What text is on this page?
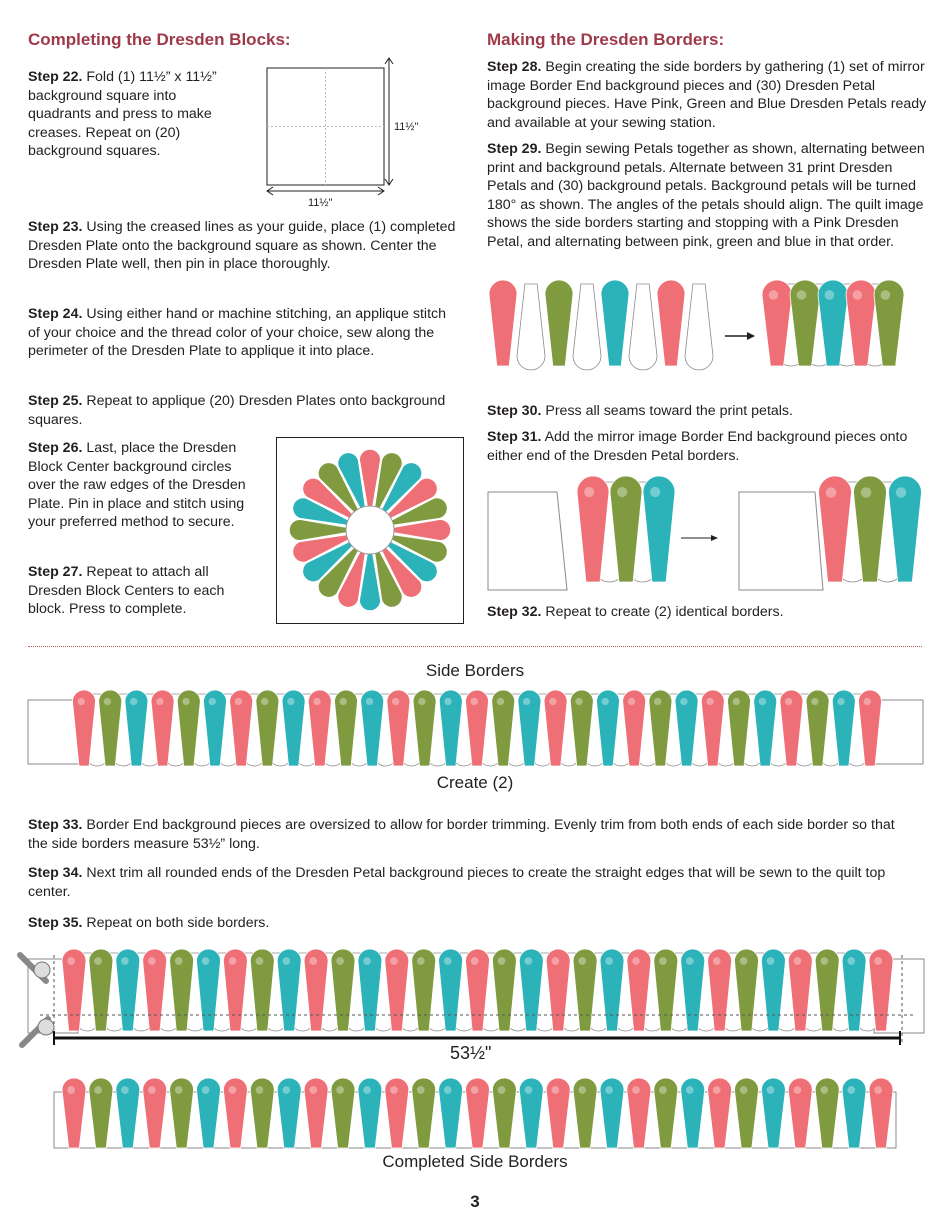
Completing the Dresden Blocks:

Step 22. Fold (1) 11½” x 11½” background square into quadrants and press to make creases. Repeat on (20) background squares.

11½"
11½"

Step 23. Using the creased lines as your guide, place (1) completed Dresden Plate onto the background square as shown. Center the Dresden Plate well, then pin in place thoroughly.

Step 24. Using either hand or machine stitching, an applique stitch of your choice and the thread color of your choice, sew along the perimeter of the Dresden Plate to applique it into place.

Step 25. Repeat to applique (20) Dresden Plates onto background squares.

Step 26. Last, place the Dresden Block Center background circles over the raw edges of the Dresden Plate. Pin in place and stitch using your preferred method to secure.

Step 27. Repeat to attach all Dresden Block Centers to each block. Press to complete.

Making the Dresden Borders:

Step 28. Begin creating the side borders by gathering (1) set of mirror image Border End background pieces and (30) Dresden Petal background pieces. Have Pink, Green and Blue Dresden Petals ready and available at your sewing station.

Step 29. Begin sewing Petals together as shown, alternating between print and background petals. Alternate between 31 print Dresden Petals and (30) background petals. Background petals will be turned 180° as shown. The angles of the petals should align. The quilt image shows the side borders starting and stopping with a Pink Dresden Petal, and alternating between pink, green and blue in that order.

Step 30. Press all seams toward the print petals.

Step 31. Add the mirror image Border End background pieces onto either end of the Dresden Petal borders.

Step 32. Repeat to create (2) identical borders.

Side Borders
Create (2)

Step 33. Border End background pieces are oversized to allow for border trimming. Evenly trim from both ends of each side border so that the side borders measure 53½” long.

Step 34. Next trim all rounded ends of the Dresden Petal background pieces to create the straight edges that will be sewn to the quilt top center.

Step 35. Repeat on both side borders.

53½"
Completed Side Borders
3
